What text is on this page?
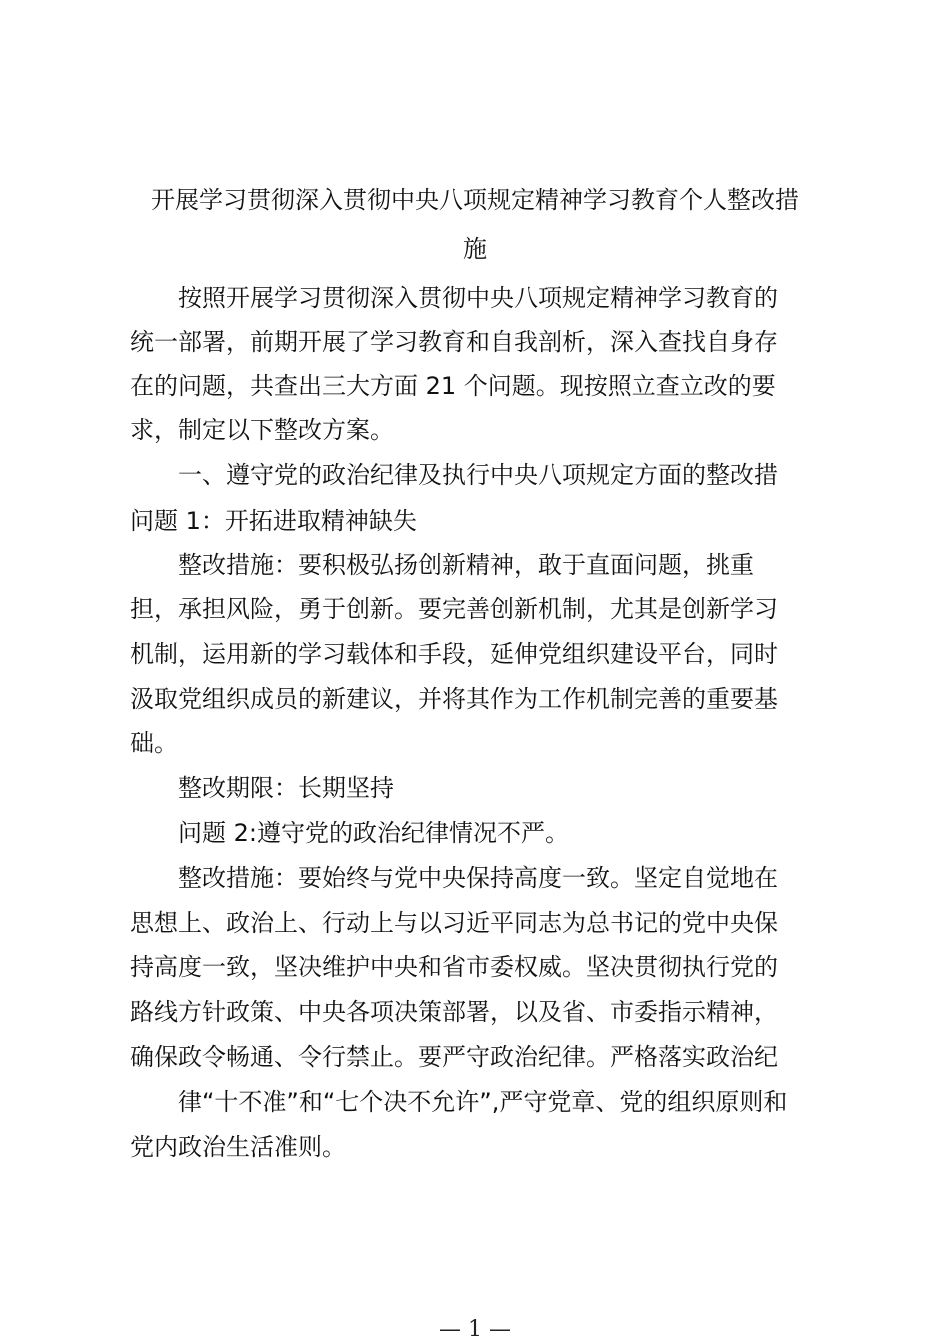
开展学习贯彻深入贯彻中央八项规定精神学习教育个人整改措
施
按照开展学习贯彻深入贯彻中央八项规定精神学习教育的
统一部署，前期开展了学习教育和自我剖析，深入查找自身存
在的问题，共查出三大方面 21 个问题。现按照立查立改的要
求，制定以下整改方案。
一、遵守党的政治纪律及执行中央八项规定方面的整改措
问题 1：开拓进取精神缺失
整改措施：要积极弘扬创新精神，敢于直面问题，挑重
担，承担风险，勇于创新。要完善创新机制，尤其是创新学习
机制，运用新的学习载体和手段，延伸党组织建设平台，同时
汲取党组织成员的新建议，并将其作为工作机制完善的重要基
础。
整改期限：长期坚持
问题 2:遵守党的政治纪律情况不严。
整改措施：要始终与党中央保持高度一致。坚定自觉地在
思想上、政治上、行动上与以习近平同志为总书记的党中央保
持高度一致，坚决维护中央和省市委权威。坚决贯彻执行党的
路线方针政策、中央各项决策部署，以及省、市委指示精神，
确保政令畅通、令行禁止。要严守政治纪律。严格落实政治纪
律“十不准”和“七个决不允许”,严守党章、党的组织原则和
党内政治生活准则。
— 1 —
